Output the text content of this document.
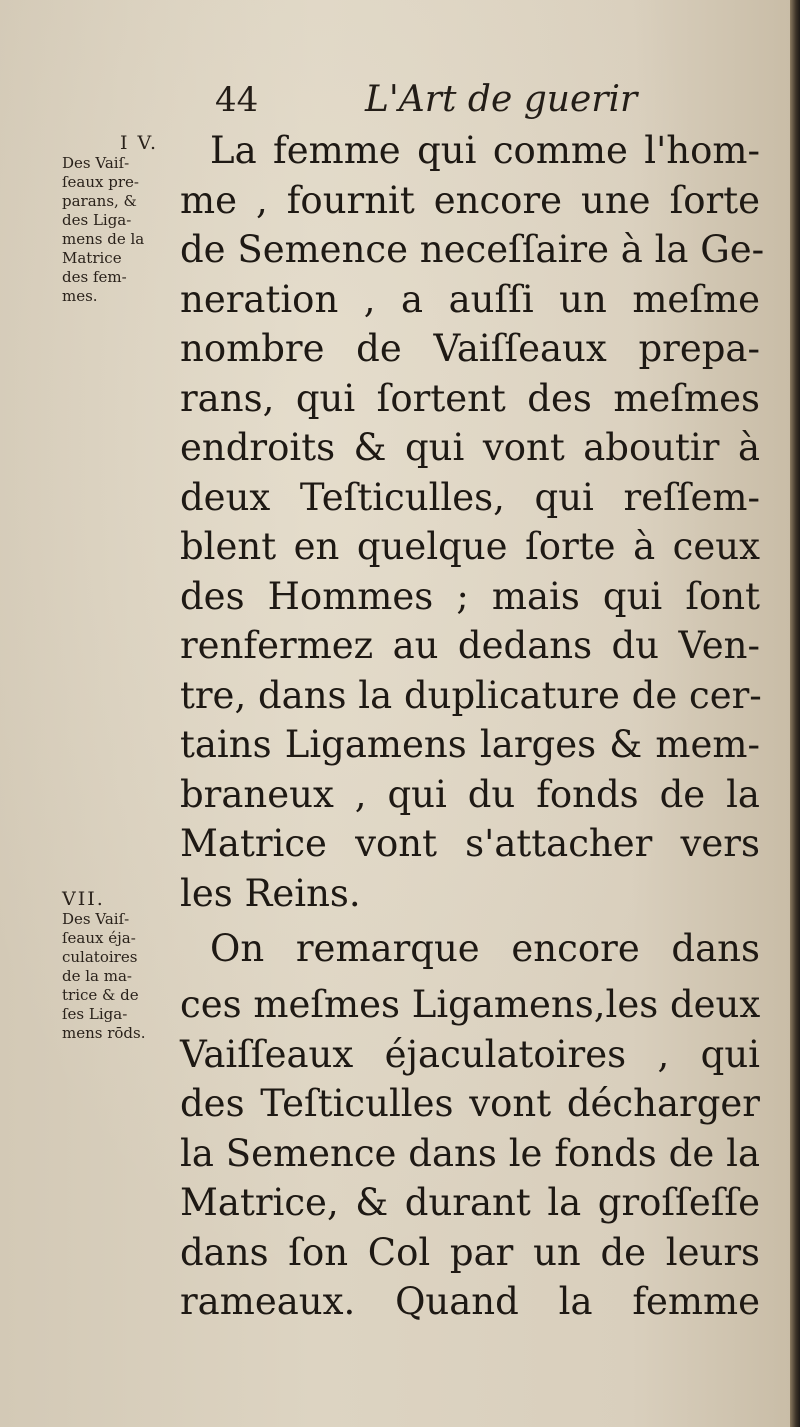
44	L'Art de guerir
I V.
Des Vaiſ-
ſeaux pre-
parans, &
des Liga-
mens de la
Matrice
des fem-
mes.
VII.
Des Vaiſ-
ſeaux éja-
culatoires
de la ma-
trice & de
ſes Liga-
mens rōds.
La femme qui comme l'hom-
me , fournit encore une ſorte
de Semence neceſſaire à la Ge-
neration , a auſſi un meſme
nombre de Vaiſſeaux prepa-
rans, qui ſortent des meſmes
endroits & qui vont aboutir à
deux Teſticulles, qui reſſem-
blent en quelque ſorte à ceux
des Hommes ; mais qui ſont
renfermez au dedans du Ven-
tre, dans la duplicature de cer-
tains Ligamens larges & mem-
braneux , qui du fonds de la
Matrice vont s'attacher vers
les Reins.
On remarque encore dans
ces meſmes Ligamens,les deux
Vaiſſeaux éjaculatoires , qui
des Teſticulles vont décharger
la Semence dans le fonds de la
Matrice, & durant la groſſeſſe
dans ſon Col par un de leurs
rameaux. Quand la femme
